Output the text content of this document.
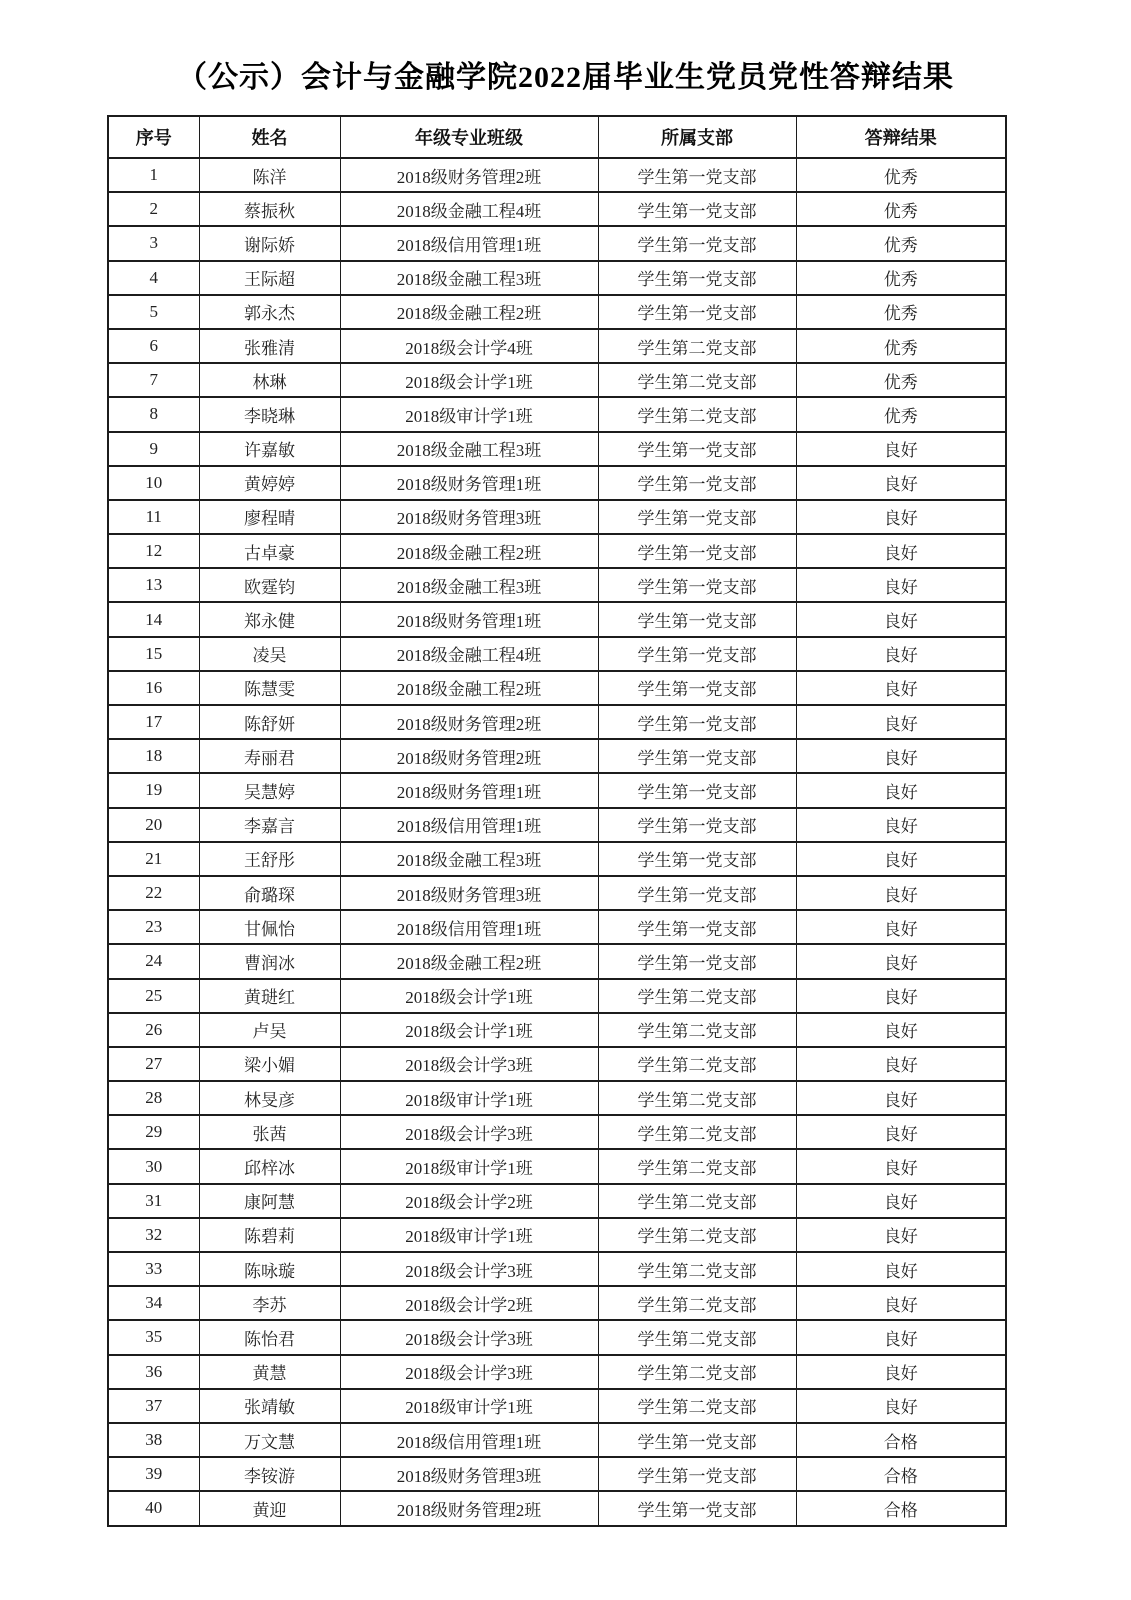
（公示）会计与金融学院2022届毕业生党员党性答辩结果
序号	姓名	年级专业班级	所属支部	答辩结果
1	陈洋	2018级财务管理2班	学生第一党支部	优秀
2	蔡振秋	2018级金融工程4班	学生第一党支部	优秀
3	谢际娇	2018级信用管理1班	学生第一党支部	优秀
4	王际超	2018级金融工程3班	学生第一党支部	优秀
5	郭永杰	2018级金融工程2班	学生第一党支部	优秀
6	张雅清	2018级会计学4班	学生第二党支部	优秀
7	林琳	2018级会计学1班	学生第二党支部	优秀
8	李晓琳	2018级审计学1班	学生第二党支部	优秀
9	许嘉敏	2018级金融工程3班	学生第一党支部	良好
10	黄婷婷	2018级财务管理1班	学生第一党支部	良好
11	廖程晴	2018级财务管理3班	学生第一党支部	良好
12	古卓豪	2018级金融工程2班	学生第一党支部	良好
13	欧霆钧	2018级金融工程3班	学生第一党支部	良好
14	郑永健	2018级财务管理1班	学生第一党支部	良好
15	凌吴	2018级金融工程4班	学生第一党支部	良好
16	陈慧雯	2018级金融工程2班	学生第一党支部	良好
17	陈舒妍	2018级财务管理2班	学生第一党支部	良好
18	寿丽君	2018级财务管理2班	学生第一党支部	良好
19	吴慧婷	2018级财务管理1班	学生第一党支部	良好
20	李嘉言	2018级信用管理1班	学生第一党支部	良好
21	王舒彤	2018级金融工程3班	学生第一党支部	良好
22	俞璐琛	2018级财务管理3班	学生第一党支部	良好
23	甘佩怡	2018级信用管理1班	学生第一党支部	良好
24	曹润冰	2018级金融工程2班	学生第一党支部	良好
25	黄琎红	2018级会计学1班	学生第二党支部	良好
26	卢吴	2018级会计学1班	学生第二党支部	良好
27	梁小媚	2018级会计学3班	学生第二党支部	良好
28	林旻彦	2018级审计学1班	学生第二党支部	良好
29	张茜	2018级会计学3班	学生第二党支部	良好
30	邱梓冰	2018级审计学1班	学生第二党支部	良好
31	康阿慧	2018级会计学2班	学生第二党支部	良好
32	陈碧莉	2018级审计学1班	学生第二党支部	良好
33	陈咏璇	2018级会计学3班	学生第二党支部	良好
34	李苏	2018级会计学2班	学生第二党支部	良好
35	陈怡君	2018级会计学3班	学生第二党支部	良好
36	黄慧	2018级会计学3班	学生第二党支部	良好
37	张靖敏	2018级审计学1班	学生第二党支部	良好
38	万文慧	2018级信用管理1班	学生第一党支部	合格
39	李铵游	2018级财务管理3班	学生第一党支部	合格
40	黄迎	2018级财务管理2班	学生第一党支部	合格
